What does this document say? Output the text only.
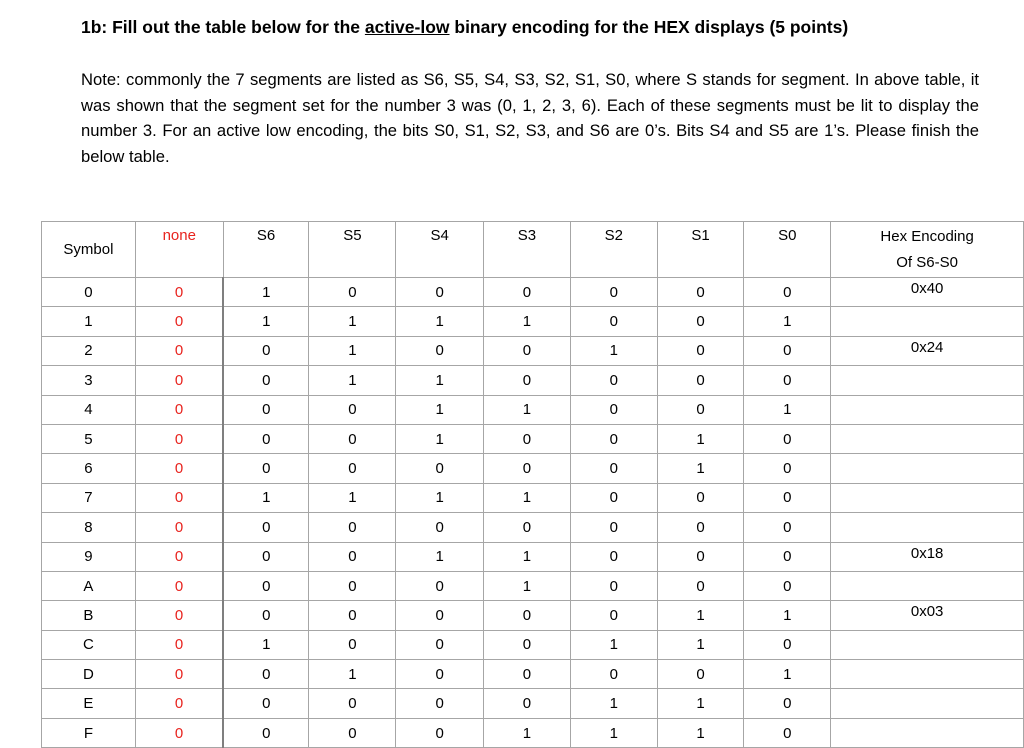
1b: Fill out the table below for the active-low binary encoding for the HEX displays (5 points)

Note: commonly the 7 segments are listed as S6, S5, S4, S3, S2, S1, S0, where S stands for segment. In above table, it was shown that the segment set for the number 3 was (0, 1, 2, 3, 6). Each of these segments must be lit to display the number 3. For an active low encoding, the bits S0, S1, S2, S3, and S6 are 0’s. Bits S4 and S5 are 1’s. Please finish the below table.

Symbol	none	S6	S5	S4	S3	S2	S1	S0	Hex Encoding
Of S6-S0
0	0	1	0	0	0	0	0	0	0x40
1	0	1	1	1	1	0	0	1	
2	0	0	1	0	0	1	0	0	0x24
3	0	0	1	1	0	0	0	0	
4	0	0	0	1	1	0	0	1	
5	0	0	0	1	0	0	1	0	
6	0	0	0	0	0	0	1	0	
7	0	1	1	1	1	0	0	0	
8	0	0	0	0	0	0	0	0	
9	0	0	0	1	1	0	0	0	0x18
A	0	0	0	0	1	0	0	0	
B	0	0	0	0	0	0	1	1	0x03
C	0	1	0	0	0	1	1	0	
D	0	0	1	0	0	0	0	1	
E	0	0	0	0	0	1	1	0	
F	0	0	0	0	1	1	1	0	
